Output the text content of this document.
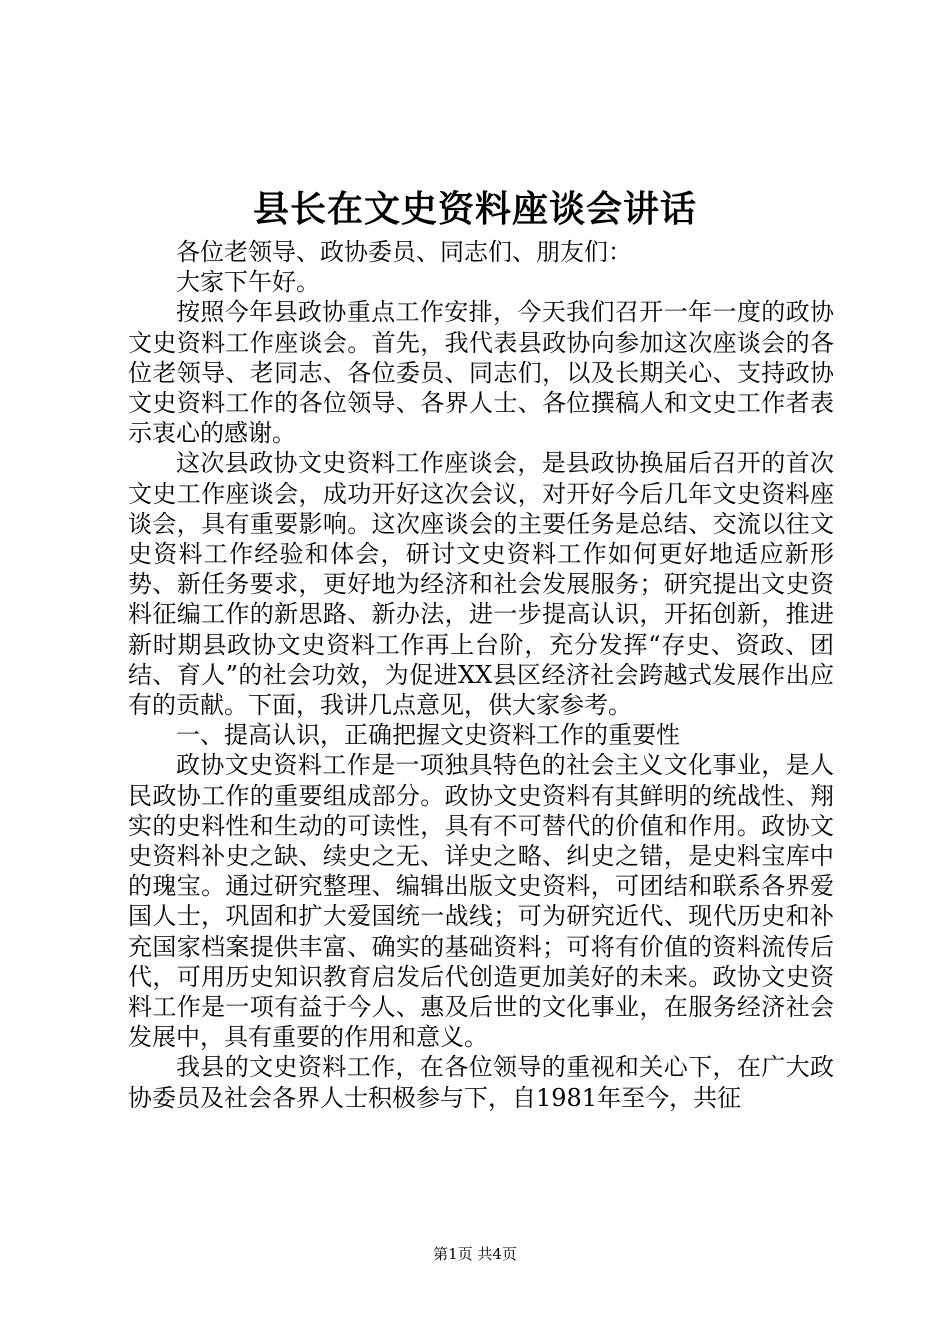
县长在文史资料座谈会讲话

各位老领导、政协委员、同志们、朋友们：

大家下午好。

按照今年县政协重点工作安排，今天我们召开一年一度的政协文史资料工作座谈会。首先，我代表县政协向参加这次座谈会的各位老领导、老同志、各位委员、同志们，以及长期关心、支持政协文史资料工作的各位领导、各界人士、各位撰稿人和文史工作者表示衷心的感谢。

这次县政协文史资料工作座谈会，是县政协换届后召开的首次文史工作座谈会，成功开好这次会议，对开好今后几年文史资料座谈会，具有重要影响。这次座谈会的主要任务是总结、交流以往文史资料工作经验和体会，研讨文史资料工作如何更好地适应新形势、新任务要求，更好地为经济和社会发展服务；研究提出文史资料征编工作的新思路、新办法，进一步提高认识，开拓创新，推进新时期县政协文史资料工作再上台阶，充分发挥“存史、资政、团结、育人”的社会功效，为促进XX县区经济社会跨越式发展作出应有的贡献。下面，我讲几点意见，供大家参考。

一、提高认识，正确把握文史资料工作的重要性

政协文史资料工作是一项独具特色的社会主义文化事业，是人民政协工作的重要组成部分。政协文史资料有其鲜明的统战性、翔实的史料性和生动的可读性，具有不可替代的价值和作用。政协文史资料补史之缺、续史之无、详史之略、纠史之错，是史料宝库中的瑰宝。通过研究整理、编辑出版文史资料，可团结和联系各界爱国人士，巩固和扩大爱国统一战线；可为研究近代、现代历史和补充国家档案提供丰富、确实的基础资料；可将有价值的资料流传后代，可用历史知识教育启发后代创造更加美好的未来。政协文史资料工作是一项有益于今人、惠及后世的文化事业，在服务经济社会发展中，具有重要的作用和意义。

我县的文史资料工作，在各位领导的重视和关心下，在广大政协委员及社会各界人士积极参与下，自1981年至今，共征

第1页 共4页
